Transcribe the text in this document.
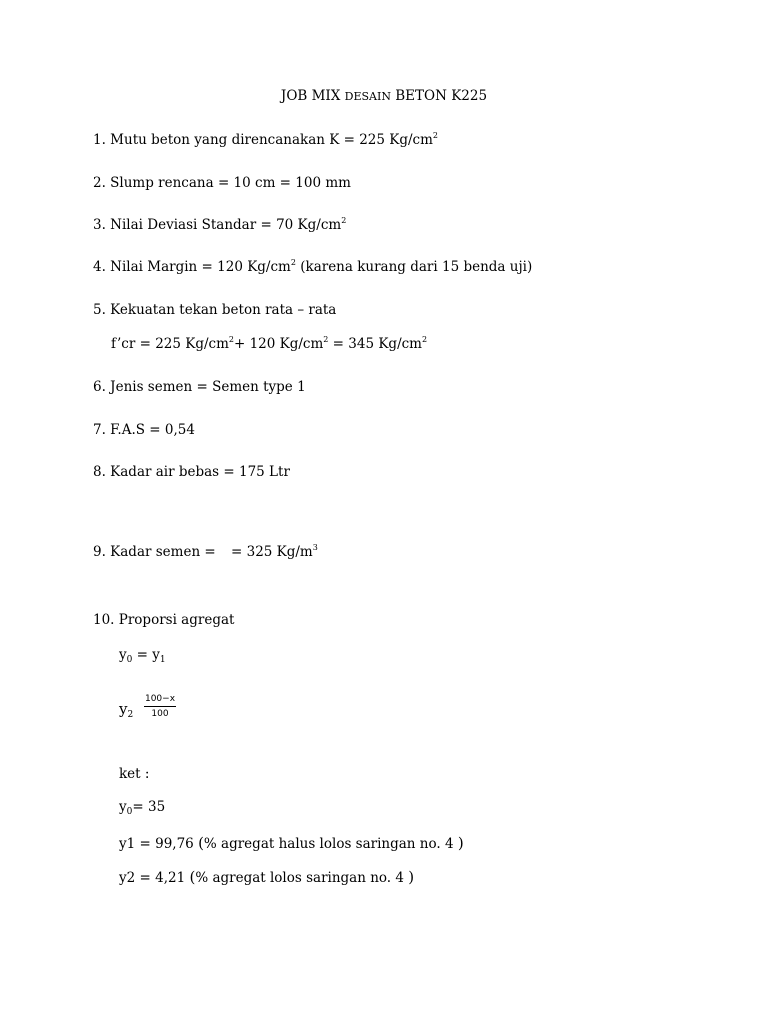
JOB MIX DESAIN BETON K225
1. Mutu beton yang direncanakan K = 225 $Kg/cm^2$
2. Slump rencana = 10 cm = 100 mm
3. Nilai Deviasi Standar = 70 $Kg/cm^2$
4. Nilai Margin = 120 $Kg/cm^2$ (karena kurang dari 15 benda uji)
5. Kekuatan tekan beton rata – rata
f’cr = 225 $Kg/cm^2+ 120$ $Kg/cm^2 = 345$ $Kg/cm^2$
6. Jenis semen = Semen type 1
7. F.A.S = 0,54
8. Kadar air bebas = 175 Ltr
9. Kadar semen = = 325 $Kg/m^3$
10. Proporsi agregat
$y_0 = y_1$
$y_2$
100−x
100
ket :
$y_0= 35$
y1 = 99,76 (% agregat halus lolos saringan no. 4 )
y2 = 4,21 (% agregat lolos saringan no. 4 )
